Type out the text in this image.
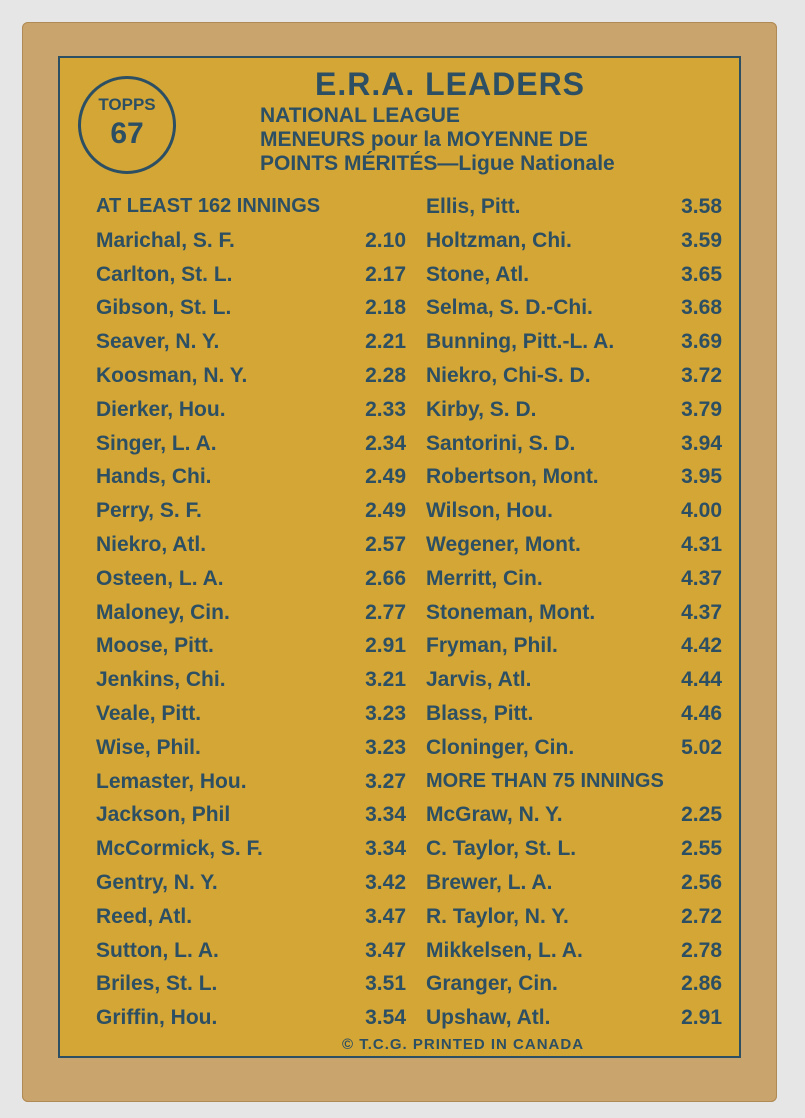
TOPPS
67
E.R.A. LEADERS
NATIONAL LEAGUE
MENEURS pour la MOYENNE DE
POINTS MÉRITÉS—Ligue Nationale
AT LEAST 162 INNINGS
Marichal, S. F.	2.10
Carlton, St. L.	2.17
Gibson, St. L.	2.18
Seaver, N. Y.	2.21
Koosman, N. Y.	2.28
Dierker, Hou.	2.33
Singer, L. A.	2.34
Hands, Chi.	2.49
Perry, S. F.	2.49
Niekro, Atl.	2.57
Osteen, L. A.	2.66
Maloney, Cin.	2.77
Moose, Pitt.	2.91
Jenkins, Chi.	3.21
Veale, Pitt.	3.23
Wise, Phil.	3.23
Lemaster, Hou.	3.27
Jackson, Phil	3.34
McCormick, S. F.	3.34
Gentry, N. Y.	3.42
Reed, Atl.	3.47
Sutton, L. A.	3.47
Briles, St. L.	3.51
Griffin, Hou.	3.54
Ellis, Pitt.	3.58
Holtzman, Chi.	3.59
Stone, Atl.	3.65
Selma, S. D.-Chi.	3.68
Bunning, Pitt.-L. A.	3.69
Niekro, Chi-S. D.	3.72
Kirby, S. D.	3.79
Santorini, S. D.	3.94
Robertson, Mont.	3.95
Wilson, Hou.	4.00
Wegener, Mont.	4.31
Merritt, Cin.	4.37
Stoneman, Mont.	4.37
Fryman, Phil.	4.42
Jarvis, Atl.	4.44
Blass, Pitt.	4.46
Cloninger, Cin.	5.02
MORE THAN 75 INNINGS
McGraw, N. Y.	2.25
C. Taylor, St. L.	2.55
Brewer, L. A.	2.56
R. Taylor, N. Y.	2.72
Mikkelsen, L. A.	2.78
Granger, Cin.	2.86
Upshaw, Atl.	2.91
© T.C.G. PRINTED IN CANADA
